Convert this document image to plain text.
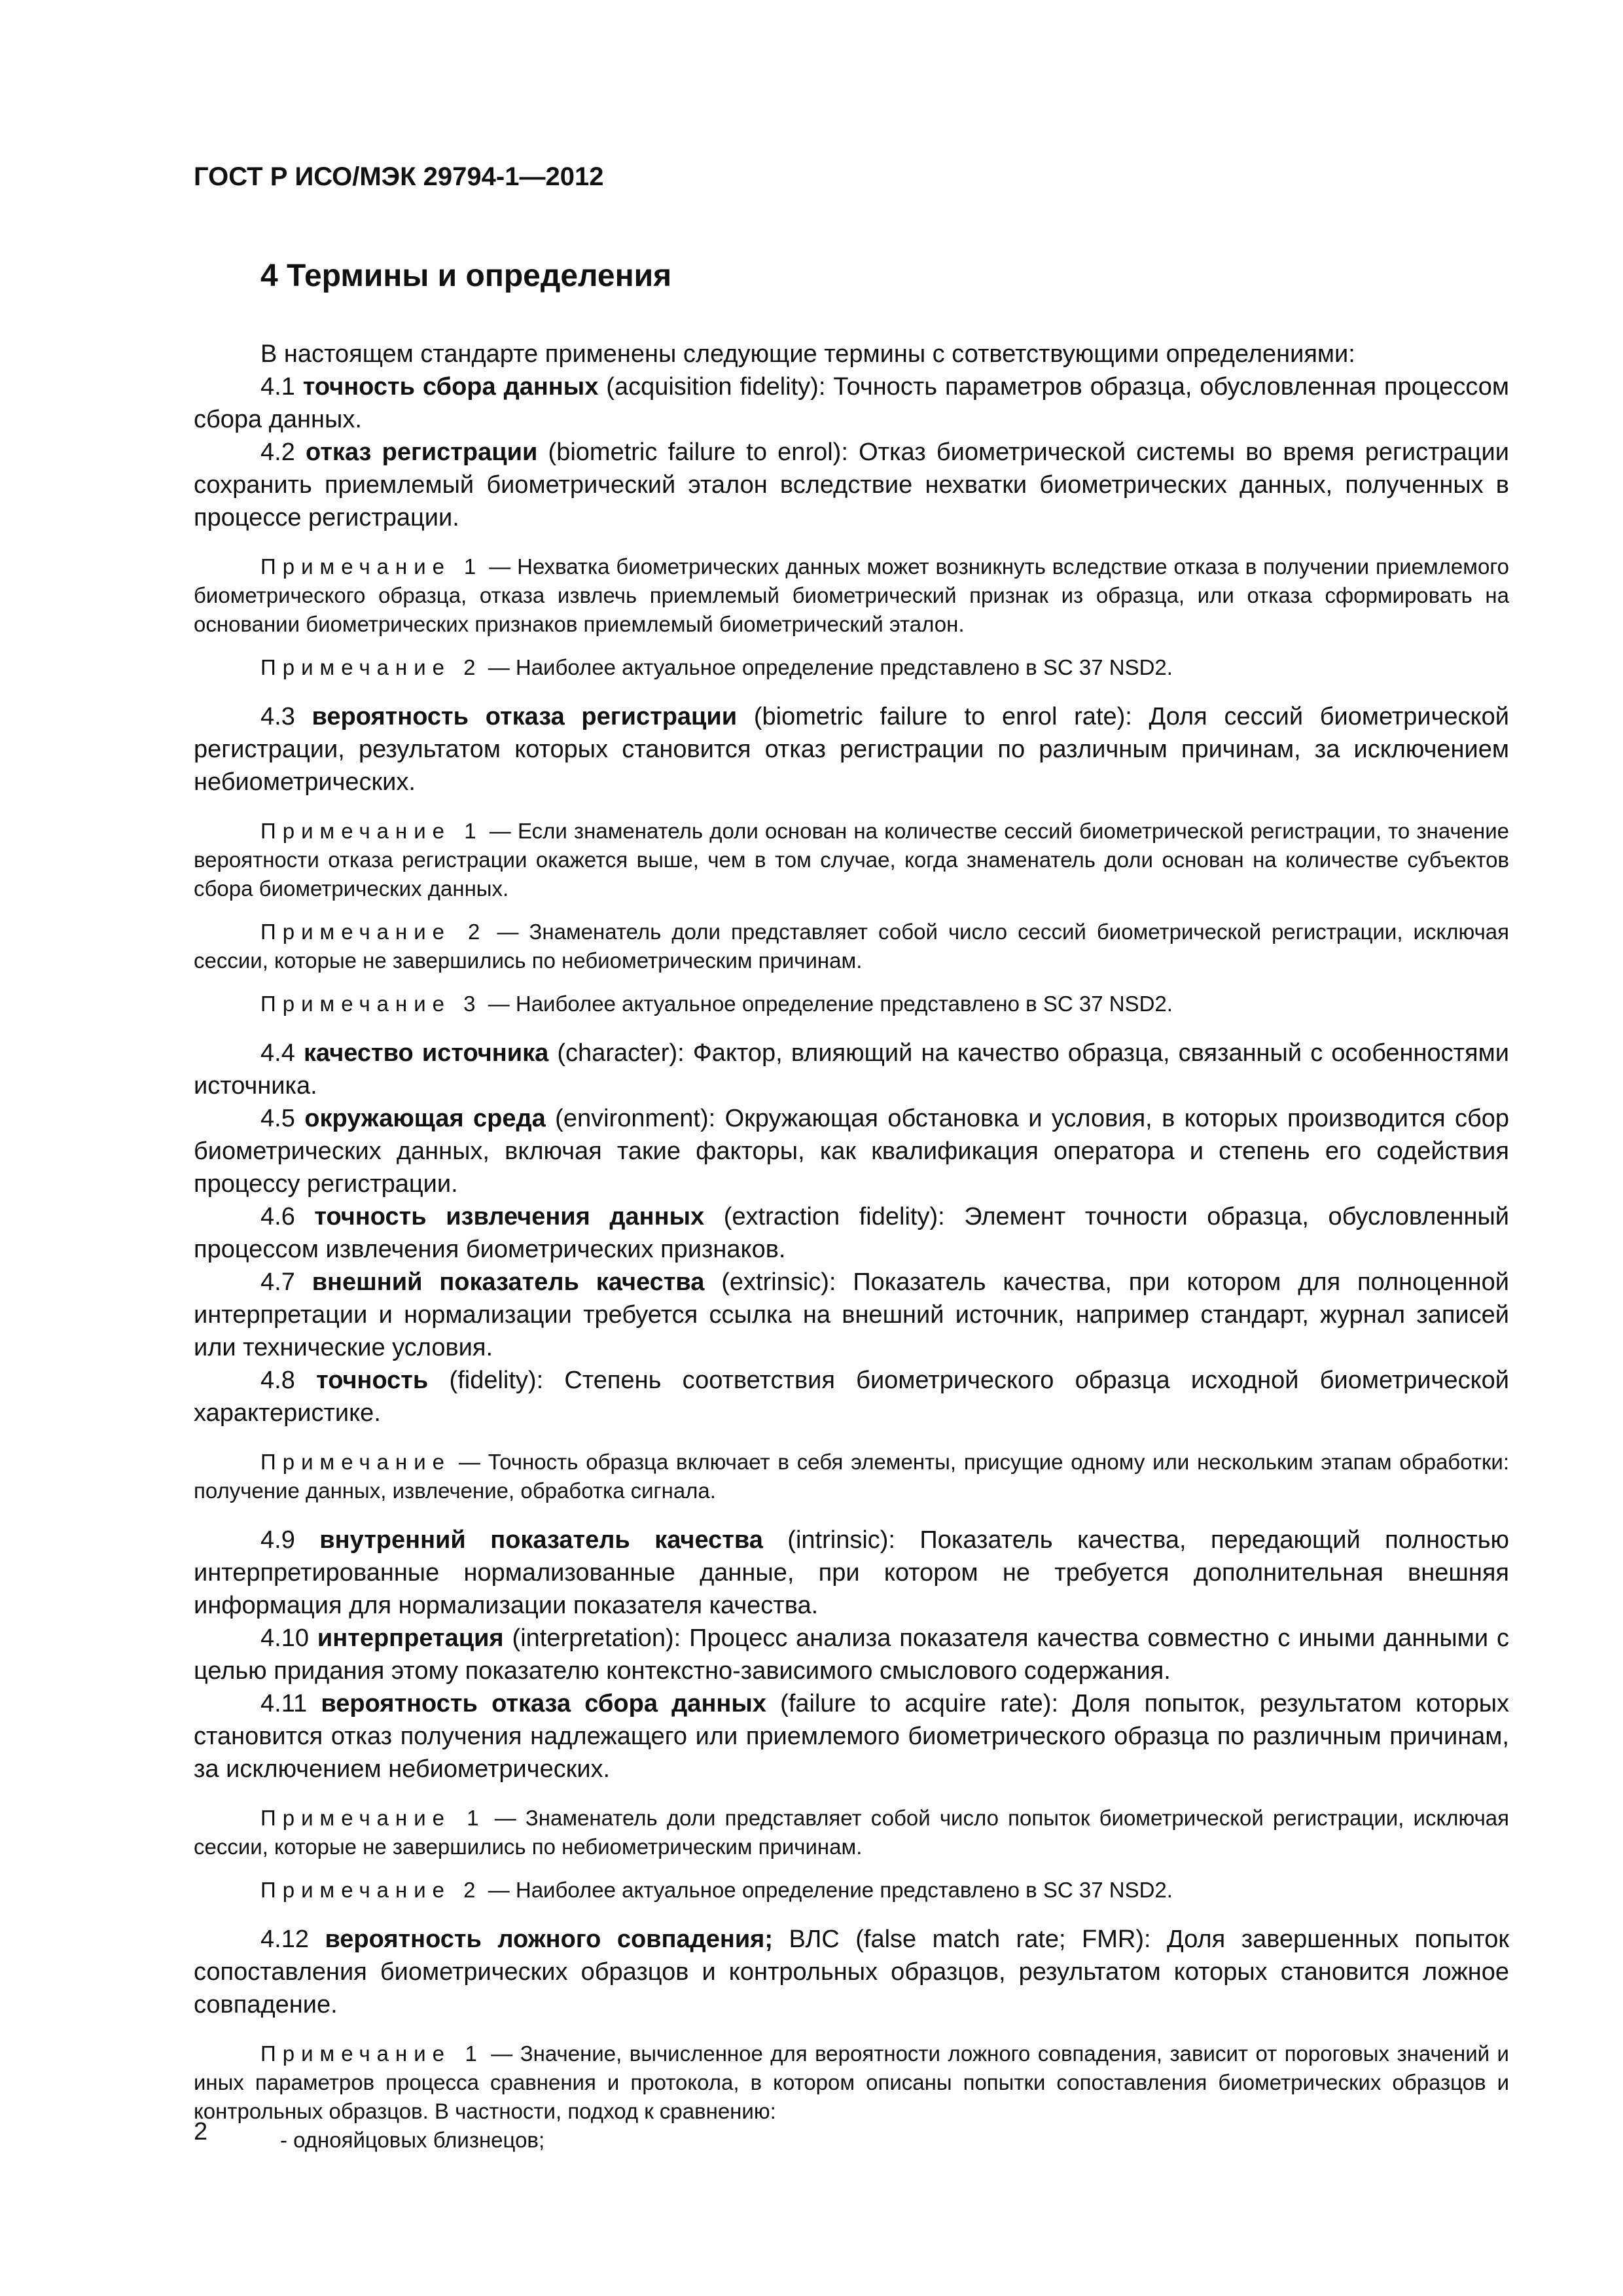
ГОСТ Р ИСО/МЭК 29794-1—2012

4 Термины и определения

В настоящем стандарте применены следующие термины с сответствующими определениями:

4.1 точность сбора данных (acquisition fidelity): Точность параметров образца, обусловленная процессом сбора данных.

4.2 отказ регистрации (biometric failure to enrol): Отказ биометрической системы во время регистрации сохранить приемлемый биометрический эталон вследствие нехватки биометрических данных, полученных в процессе регистрации.

Примечание 1 — Нехватка биометрических данных может возникнуть вследствие отказа в получении приемлемого биометрического образца, отказа извлечь приемлемый биометрический признак из образца, или отказа сформировать на основании биометрических признаков приемлемый биометрический эталон.

Примечание 2 — Наиболее актуальное определение представлено в SC 37 NSD2.

4.3 вероятность отказа регистрации (biometric failure to enrol rate): Доля сессий биометрической регистрации, результатом которых становится отказ регистрации по различным причинам, за исключением небиометрических.

Примечание 1 — Если знаменатель доли основан на количестве сессий биометрической регистрации, то значение вероятности отказа регистрации окажется выше, чем в том случае, когда знаменатель доли основан на количестве субъектов сбора биометрических данных.

Примечание 2 — Знаменатель доли представляет собой число сессий биометрической регистрации, исключая сессии, которые не завершились по небиометрическим причинам.

Примечание 3 — Наиболее актуальное определение представлено в SC 37 NSD2.

4.4 качество источника (character): Фактор, влияющий на качество образца, связанный с особенностями источника.

4.5 окружающая среда (environment): Окружающая обстановка и условия, в которых производится сбор биометрических данных, включая такие факторы, как квалификация оператора и степень его содействия процессу регистрации.

4.6 точность извлечения данных (extraction fidelity): Элемент точности образца, обусловленный процессом извлечения биометрических признаков.

4.7 внешний показатель качества (extrinsic): Показатель качества, при котором для полноценной интерпретации и нормализации требуется ссылка на внешний источник, например стандарт, журнал записей или технические условия.

4.8 точность (fidelity): Степень соответствия биометрического образца исходной биометрической характеристике.

Примечание — Точность образца включает в себя элементы, присущие одному или нескольким этапам обработки: получение данных, извлечение, обработка сигнала.

4.9 внутренний показатель качества (intrinsic): Показатель качества, передающий полностью интерпретированные нормализованные данные, при котором не требуется дополнительная внешняя информация для нормализации показателя качества.

4.10 интерпретация (interpretation): Процесс анализа показателя качества совместно с иными данными с целью придания этому показателю контекстно-зависимого смыслового содержания.

4.11 вероятность отказа сбора данных (failure to acquire rate): Доля попыток, результатом которых становится отказ получения надлежащего или приемлемого биометрического образца по различным причинам, за исключением небиометрических.

Примечание 1 — Знаменатель доли представляет собой число попыток биометрической регистрации, исключая сессии, которые не завершились по небиометрическим причинам.

Примечание 2 — Наиболее актуальное определение представлено в SC 37 NSD2.

4.12 вероятность ложного совпадения; ВЛС (false match rate; FMR): Доля завершенных попыток сопоставления биометрических образцов и контрольных образцов, результатом которых становится ложное совпадение.

Примечание 1 — Значение, вычисленное для вероятности ложного совпадения, зависит от пороговых значений и иных параметров процесса сравнения и протокола, в котором описаны попытки сопоставления биометрических образцов и контрольных образцов. В частности, подход к сравнению:

- однояйцовых близнецов;

2
